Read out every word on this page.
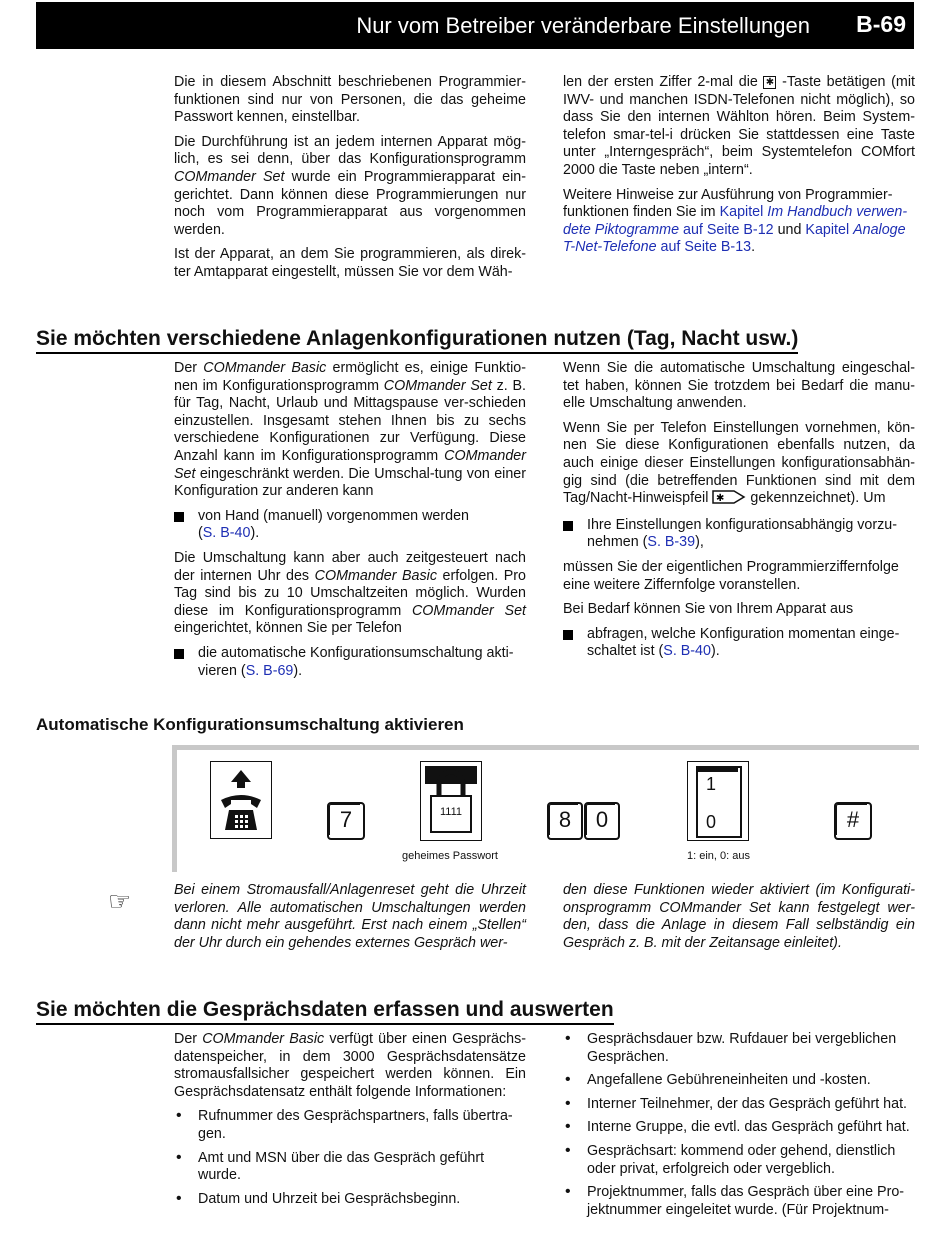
Nur vom Betreiber veränderbare Einstellungen B-69

Die in diesem Abschnitt beschriebenen Programmier-funktionen sind nur von Personen, die das geheime Passwort kennen, einstellbar.

Die Durchführung ist an jedem internen Apparat mög-lich, es sei denn, über das Konfigurationsprogramm COMmander Set wurde ein Programmierapparat ein-gerichtet. Dann können diese Programmierungen nur noch vom Programmierapparat aus vorgenommen werden.

Ist der Apparat, an dem Sie programmieren, als direk-ter Amtapparat eingestellt, müssen Sie vor dem Wäh-

len der ersten Ziffer 2-mal die ✱ -Taste betätigen (mit IWV- und manchen ISDN-Telefonen nicht möglich), so dass Sie den internen Wählton hören. Beim System-telefon smar-tel-i drücken Sie stattdessen eine Taste unter „Interngespräch“, beim Systemtelefon COMfort 2000 die Taste neben „intern“.

Weitere Hinweise zur Ausführung von Programmier-funktionen finden Sie im Kapitel Im Handbuch verwen-dete Piktogramme auf Seite B-12 und Kapitel Analoge T-Net-Telefone auf Seite B-13.

Sie möchten verschiedene Anlagenkonfigurationen nutzen (Tag, Nacht usw.)

Der COMmander Basic ermöglicht es, einige Funktio-nen im Konfigurationsprogramm COMmander Set z. B. für Tag, Nacht, Urlaub und Mittagspause ver-schieden einzustellen. Insgesamt stehen Ihnen bis zu sechs verschiedene Konfigurationen zur Verfügung. Diese Anzahl kann im Konfigurationsprogramm COMmander Set eingeschränkt werden. Die Umschal-tung von einer Konfiguration zur anderen kann

von Hand (manuell) vorgenommen werden
(S. B-40).

Die Umschaltung kann aber auch zeitgesteuert nach der internen Uhr des COMmander Basic erfolgen. Pro Tag sind bis zu 10 Umschaltzeiten möglich. Wurden diese im Konfigurationsprogramm COMmander Set eingerichtet, können Sie per Telefon

die automatische Konfigurationsumschaltung akti-vieren (S. B-69).

Wenn Sie die automatische Umschaltung eingeschal-tet haben, können Sie trotzdem bei Bedarf die manu-elle Umschaltung anwenden.

Wenn Sie per Telefon Einstellungen vornehmen, kön-nen Sie diese Konfigurationen ebenfalls nutzen, da auch einige dieser Einstellungen konfigurationsabhän-gig sind (die betreffenden Funktionen sind mit dem Tag/Nacht-Hinweispfeil ✱ gekennzeichnet). Um

Ihre Einstellungen konfigurationsabhängig vorzu-nehmen (S. B-39),

müssen Sie der eigentlichen Programmierziffernfolge eine weitere Ziffernfolge voranstellen.

Bei Bedarf können Sie von Ihrem Apparat aus

abfragen, welche Konfiguration momentan einge-schaltet ist (S. B-40).
Automatische Konfigurationsumschaltung aktivieren
7	1111
geheimes Passwort
8	0
1
0
1: ein, 0: aus
#
☞	Bei einem Stromausfall/Anlagenreset geht die Uhrzeit verloren. Alle automatischen Umschaltungen werden dann nicht mehr ausgeführt. Erst nach einem „Stellen“ der Uhr durch ein gehendes externes Gespräch wer-
den diese Funktionen wieder aktiviert (im Konfigurati-onsprogramm COMmander Set kann festgelegt wer-den, dass die Anlage in diesem Fall selbständig ein Gespräch z. B. mit der Zeitansage einleitet).
Sie möchten die Gesprächsdaten erfassen und auswerten

Der COMmander Basic verfügt über einen Gesprächs-datenspeicher, in dem 3000 Gesprächsdatensätze stromausfallsicher gespeichert werden können. Ein Gesprächsdatensatz enthält folgende Informationen:

• Rufnummer des Gesprächspartners, falls übertra-gen.
• Amt und MSN über die das Gespräch geführt wurde.
• Datum und Uhrzeit bei Gesprächsbeginn.
• Gesprächsdauer bzw. Rufdauer bei vergeblichen Gesprächen.
• Angefallene Gebühreneinheiten und -kosten.
• Interner Teilnehmer, der das Gespräch geführt hat.
• Interne Gruppe, die evtl. das Gespräch geführt hat.
• Gesprächsart: kommend oder gehend, dienstlich oder privat, erfolgreich oder vergeblich.
• Projektnummer, falls das Gespräch über eine Pro-jektnummer eingeleitet wurde. (Für Projektnum-
